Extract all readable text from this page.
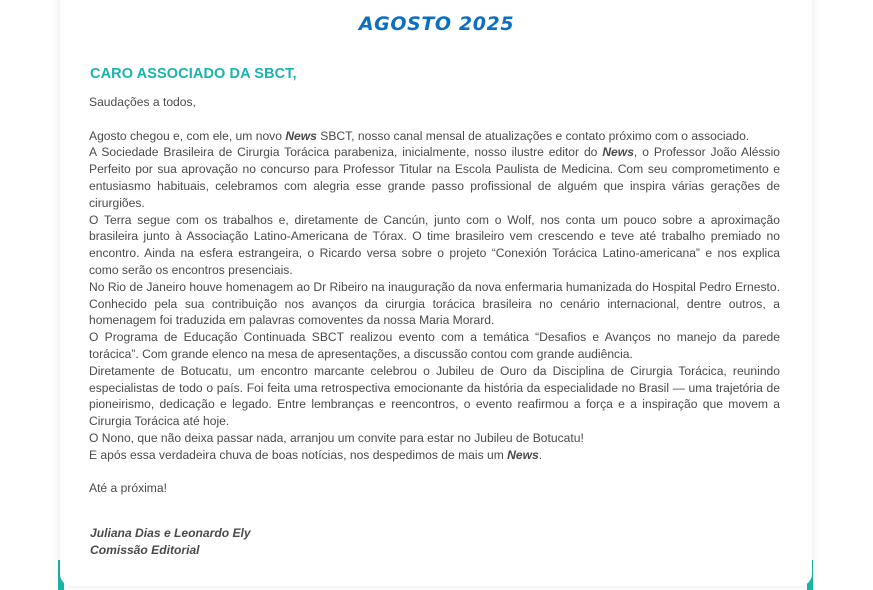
AGOSTO 2025
CARO ASSOCIADO DA SBCT,

Saudações a todos,

Agosto chegou e, com ele, um novo News SBCT, nosso canal mensal de atualizações e contato próximo com o associado.

A Sociedade Brasileira de Cirurgia Torácica parabeniza, inicialmente, nosso ilustre editor do News, o Professor João Aléssio Perfeito por sua aprovação no concurso para Professor Titular na Escola Paulista de Medicina. Com seu comprometimento e entusiasmo habituais, celebramos com alegria esse grande passo profissional de alguém que inspira várias gerações de cirurgiões.

O Terra segue com os trabalhos e, diretamente de Cancún, junto com o Wolf, nos conta um pouco sobre a aproximação brasileira junto à Associação Latino-Americana de Tórax. O time brasileiro vem crescendo e teve até trabalho premiado no encontro. Ainda na esfera estrangeira, o Ricardo versa sobre o projeto “Conexión Torácica Latino-americana” e nos explica como serão os encontros presenciais.

No Rio de Janeiro houve homenagem ao Dr Ribeiro na inauguração da nova enfermaria humanizada do Hospital Pedro Ernesto. Conhecido pela sua contribuição nos avanços da cirurgia torácica brasileira no cenário internacional, dentre outros, a homenagem foi traduzida em palavras comoventes da nossa Maria Morard.

O Programa de Educação Continuada SBCT realizou evento com a temática “Desafios e Avanços no manejo da parede torácica”. Com grande elenco na mesa de apresentações, a discussão contou com grande audiência.

Diretamente de Botucatu, um encontro marcante celebrou o Jubileu de Ouro da Disciplina de Cirurgia Torácica, reunindo especialistas de todo o país. Foi feita uma retrospectiva emocionante da história da especialidade no Brasil — uma trajetória de pioneirismo, dedicação e legado. Entre lembranças e reencontros, o evento reafirmou a força e a inspiração que movem a Cirurgia Torácica até hoje.

O Nono, que não deixa passar nada, arranjou um convite para estar no Jubileu de Botucatu!

E após essa verdadeira chuva de boas notícias, nos despedimos de mais um News.

Até a próxima!
Juliana Dias e Leonardo Ely
Comissão Editorial
